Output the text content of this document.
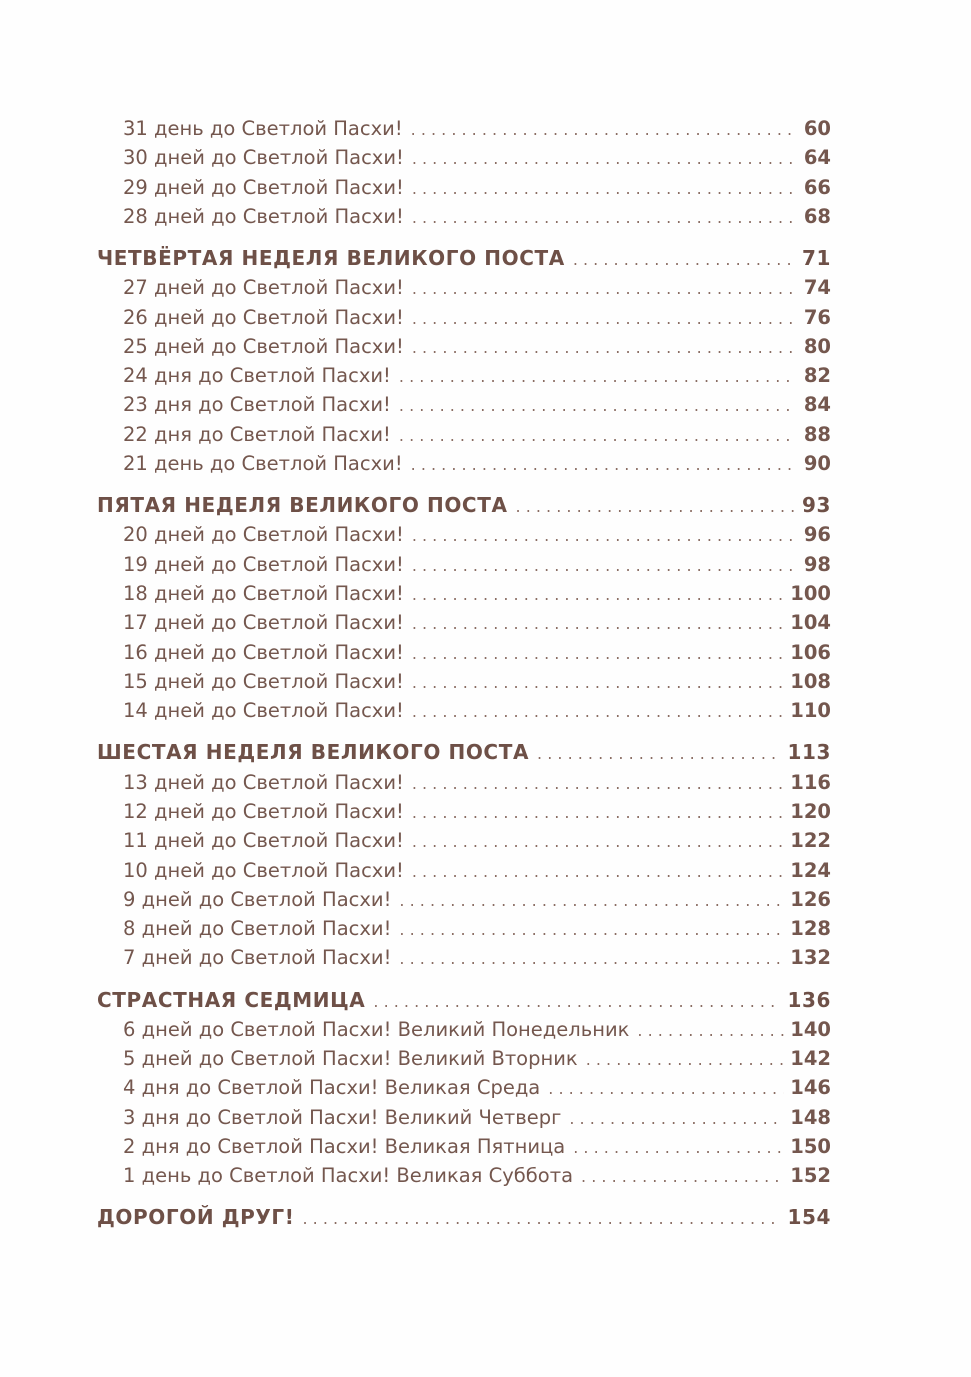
31 день до Светлой Пасхи! . . .	60
30 дней до Светлой Пасхи! . . .	64
29 дней до Светлой Пасхи! . . .	66
28 дней до Светлой Пасхи! . . .	68
ЧЕТВЁРТАЯ НЕДЕЛЯ ВЕЛИКОГО ПОСТА . . .	71
27 дней до Светлой Пасхи! . . .	74
26 дней до Светлой Пасхи! . . .	76
25 дней до Светлой Пасхи! . . .	80
24 дня до Светлой Пасхи! . . .	82
23 дня до Светлой Пасхи! . . .	84
22 дня до Светлой Пасхи! . . .	88
21 день до Светлой Пасхи! . . .	90
ПЯТАЯ НЕДЕЛЯ ВЕЛИКОГО ПОСТА . . .	93
20 дней до Светлой Пасхи! . . .	96
19 дней до Светлой Пасхи! . . .	98
18 дней до Светлой Пасхи! . . .	100
17 дней до Светлой Пасхи! . . .	104
16 дней до Светлой Пасхи! . . .	106
15 дней до Светлой Пасхи! . . .	108
14 дней до Светлой Пасхи! . . .	110
ШЕСТАЯ НЕДЕЛЯ ВЕЛИКОГО ПОСТА . . .	113
13 дней до Светлой Пасхи! . . .	116
12 дней до Светлой Пасхи! . . .	120
11 дней до Светлой Пасхи! . . .	122
10 дней до Светлой Пасхи! . . .	124
9 дней до Светлой Пасхи! . . .	126
8 дней до Светлой Пасхи! . . .	128
7 дней до Светлой Пасхи! . . .	132
СТРАСТНАЯ СЕДМИЦА . . .	136
6 дней до Светлой Пасхи! Великий Понедельник . . .	140
5 дней до Светлой Пасхи! Великий Вторник . . .	142
4 дня до Светлой Пасхи! Великая Среда . . .	146
3 дня до Светлой Пасхи! Великий Четверг . . .	148
2 дня до Светлой Пасхи! Великая Пятница . . .	150
1 день до Светлой Пасхи! Великая Суббота . . .	152
ДОРОГОЙ ДРУГ! . . .	154
